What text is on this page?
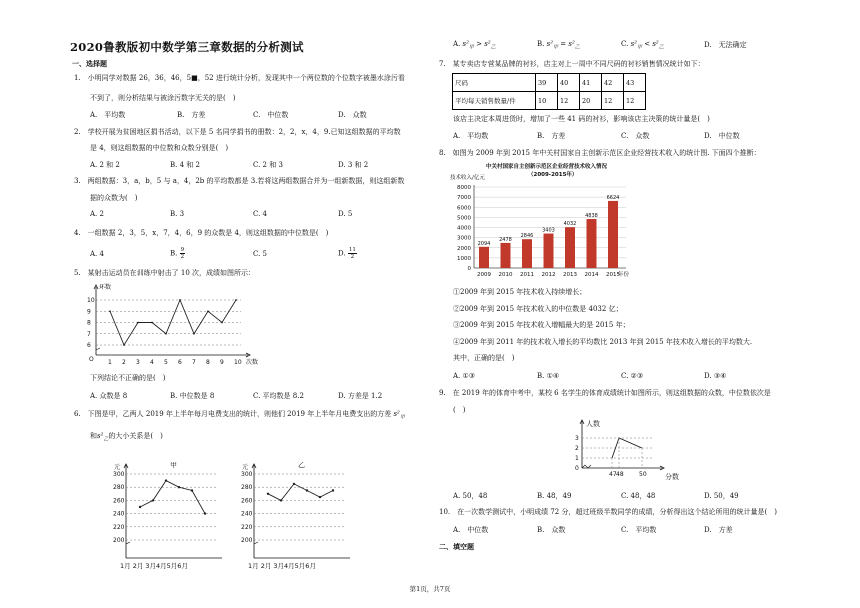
2020鲁教版初中数学第三章数据的分析测试
一、选择题
1.　小明同学对数据 26，36，46，5■，52 进行统计分析，发现其中一个两位数的个位数字被墨水涂污看
不到了，则分析结果与被涂污数字无关的是(　)
A.　平均数	B.　方差	C.　中位数	D.　众数
2.　学校开展为贫困地区捐书活动，以下是 5 名同学捐书的册数：2，2，x，4，9.已知这组数据的平均数
是 4，则这组数据的中位数和众数分别是(　)
A. 2 和 2	B. 4 和 2	C. 2 和 3	D. 3 和 2
3.　两组数据：3，a，b，5 与 a，4，2b 的平均数都是 3.若将这两组数据合并为一组新数据，则这组新数
据的众数为(　)
A. 2	B. 3	C. 4	D. 5
4.　一组数据 2，3，5，x，7，4，6，9 的众数是 4，则这组数据的中位数是(　)
A. 4	B. $\frac{9}{2}$	C. 5	D. $\frac{11}{2}$
5.　某射击运动员在训练中射击了 10 次，成绩如图所示：
环数
次数
O
6
7
8
9
10
1 2 3 4 5 6 7 8 9 10
下列结论不正确的是(　)
A. 众数是 8	B. 中位数是 8	C. 平均数是 8.2	D. 方差是 1.2
6.　下图是甲，乙两人 2019 年上半年每月电费支出的统计，则他们 2019 年上半年月电费支出的方差 $s^2_甲$
和$s^2_乙$的大小关系是(　)
元	甲
200
220
240
260
280
300
1月 2月 3月4月5月6月
元	乙
200
220
240
260
280
300
1月 2月 3月4月5月6月
A. $s^2_甲 > s^2_乙$	B. $s^2_甲 = s^2_乙$	C. $s^2_甲 < s^2_乙$	D.　无法确定
7.　某专卖店专营某品牌的衬衫，店主对上一周中不同尺码的衬衫销售情况统计如下：
尺码	39	40	41	42	43
平均每天销售数量/件	10	12	20	12	12
该店主决定本周进货时，增加了一些 41 码的衬衫，影响该店主决策的统计量是(　)
A.　平均数	B.　方差	C.　众数	D.　中位数
8.　如图为 2009 年到 2015 年中关村国家自主创新示范区企业经营技术收入的统计图. 下面四个推断：
中关村国家自主创新示范区企业经营技术收入情况
（2009-2015年）
技术收入/亿元
0
1000
2000
3000
4000
5000
6000
7000
8000
2094
2009
2478
2010
2846
2011
3403
2012
4032
2013
4838
2014
6624
2015
年份
①2009 年到 2015 年技术收入持续增长；
②2009 年到 2015 年技术收入的中位数是 4032 亿；
③2009 年到 2015 年技术收入增幅最大的是 2015 年；
④2009 年到 2011 年的技术收入增长的平均数比 2013 年到 2015 年技术收入增长的平均数大.
其中，正确的是(　)
A. ①③	B. ①④	C. ②③	D. ③④
9.　在 2019 年的体育中考中，某校 6 名学生的体育成绩统计如图所示，则这组数据的众数，中位数依次是
(　)
人数
分数
1
2
3
0
47 48	50
A. 50，48	B. 48，49	C. 48，48	D. 50，49
10.　在一次数学测试中，小明成绩 72 分，超过班级半数同学的成绩，分析得出这个结论所用的统计量是(　)
A.　中位数	B.　众数	C.　平均数	D.　方差
二、填空题
第1页，共7页
